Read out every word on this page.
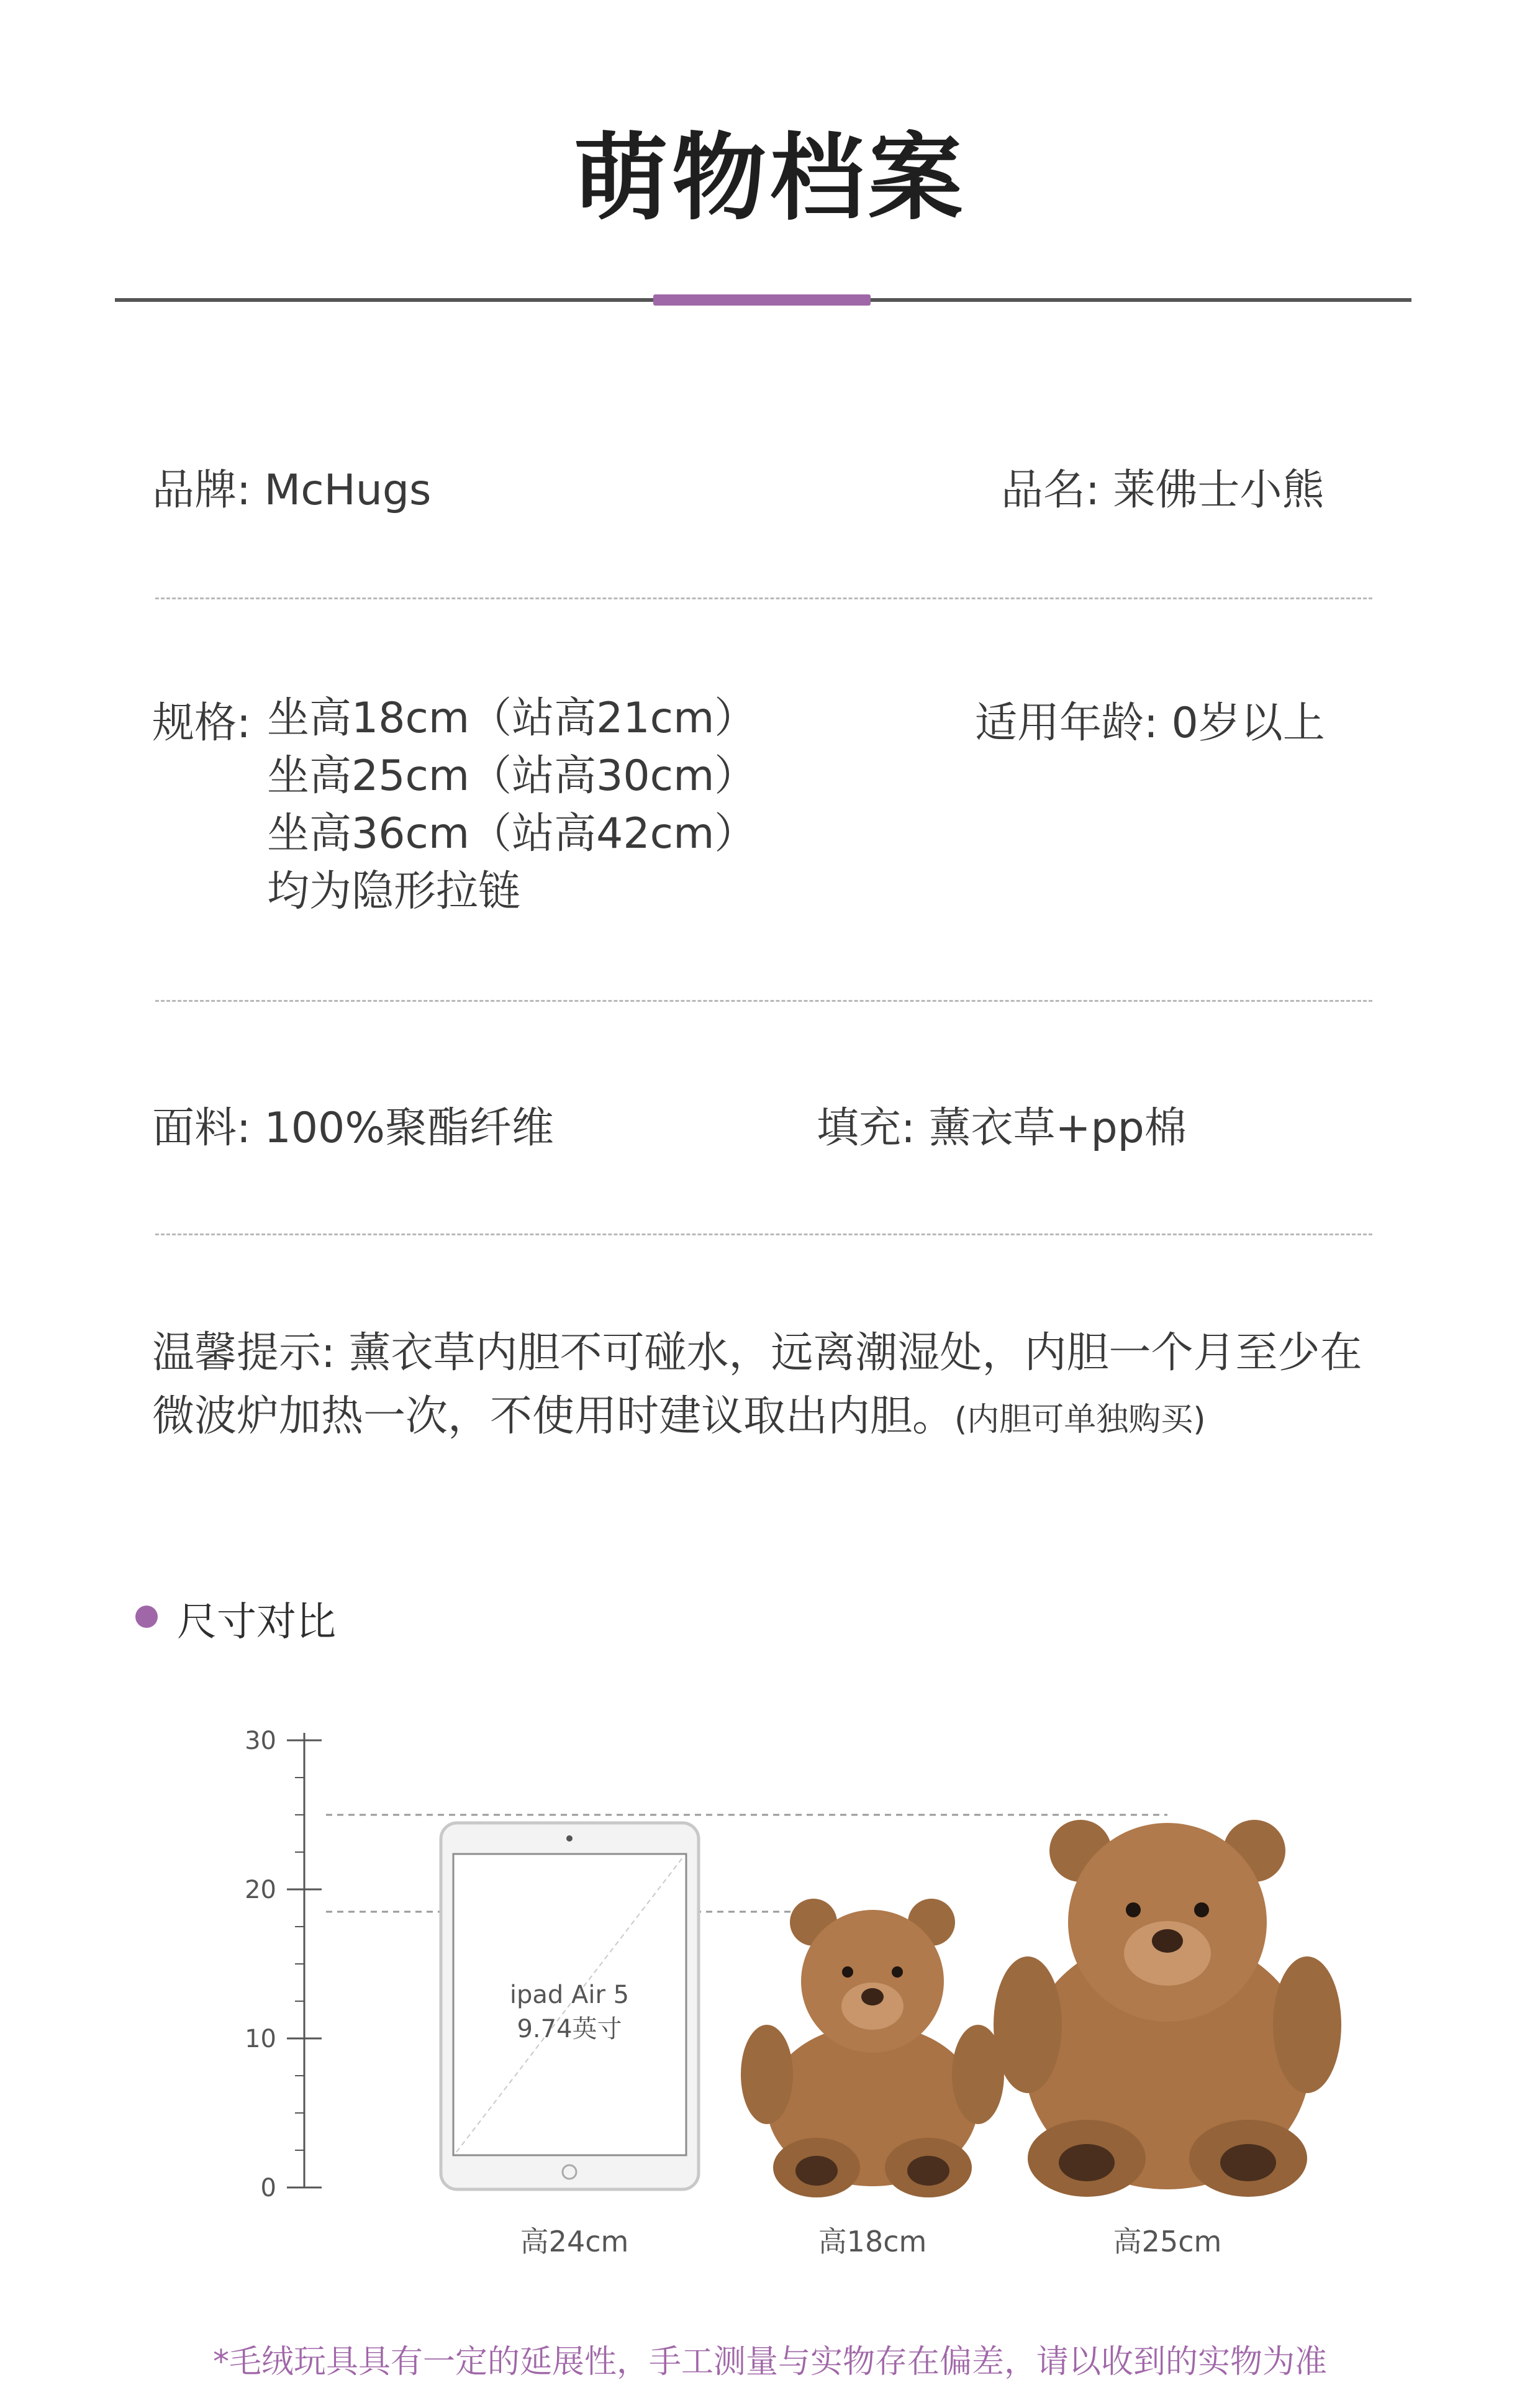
萌物档案
品牌: McHugs	品名: 莱佛士小熊
规格: 坐高18cm（站高21cm）
坐高25cm（站高30cm）
坐高36cm（站高42cm）
均为隐形拉链
适用年龄: 0岁以上
面料: 100%聚酯纤维	填充: 薰衣草+pp棉
温馨提示: 薰衣草内胆不可碰水，远离潮湿处，内胆一个月至少在微波炉加热一次，不使用时建议取出内胆。(内胆可单独购买)
尺寸对比
0
10
20
30
ipad Air 5
9.74英寸
高24cm	高18cm	高25cm
*毛绒玩具具有一定的延展性，手工测量与实物存在偏差，请以收到的实物为准
